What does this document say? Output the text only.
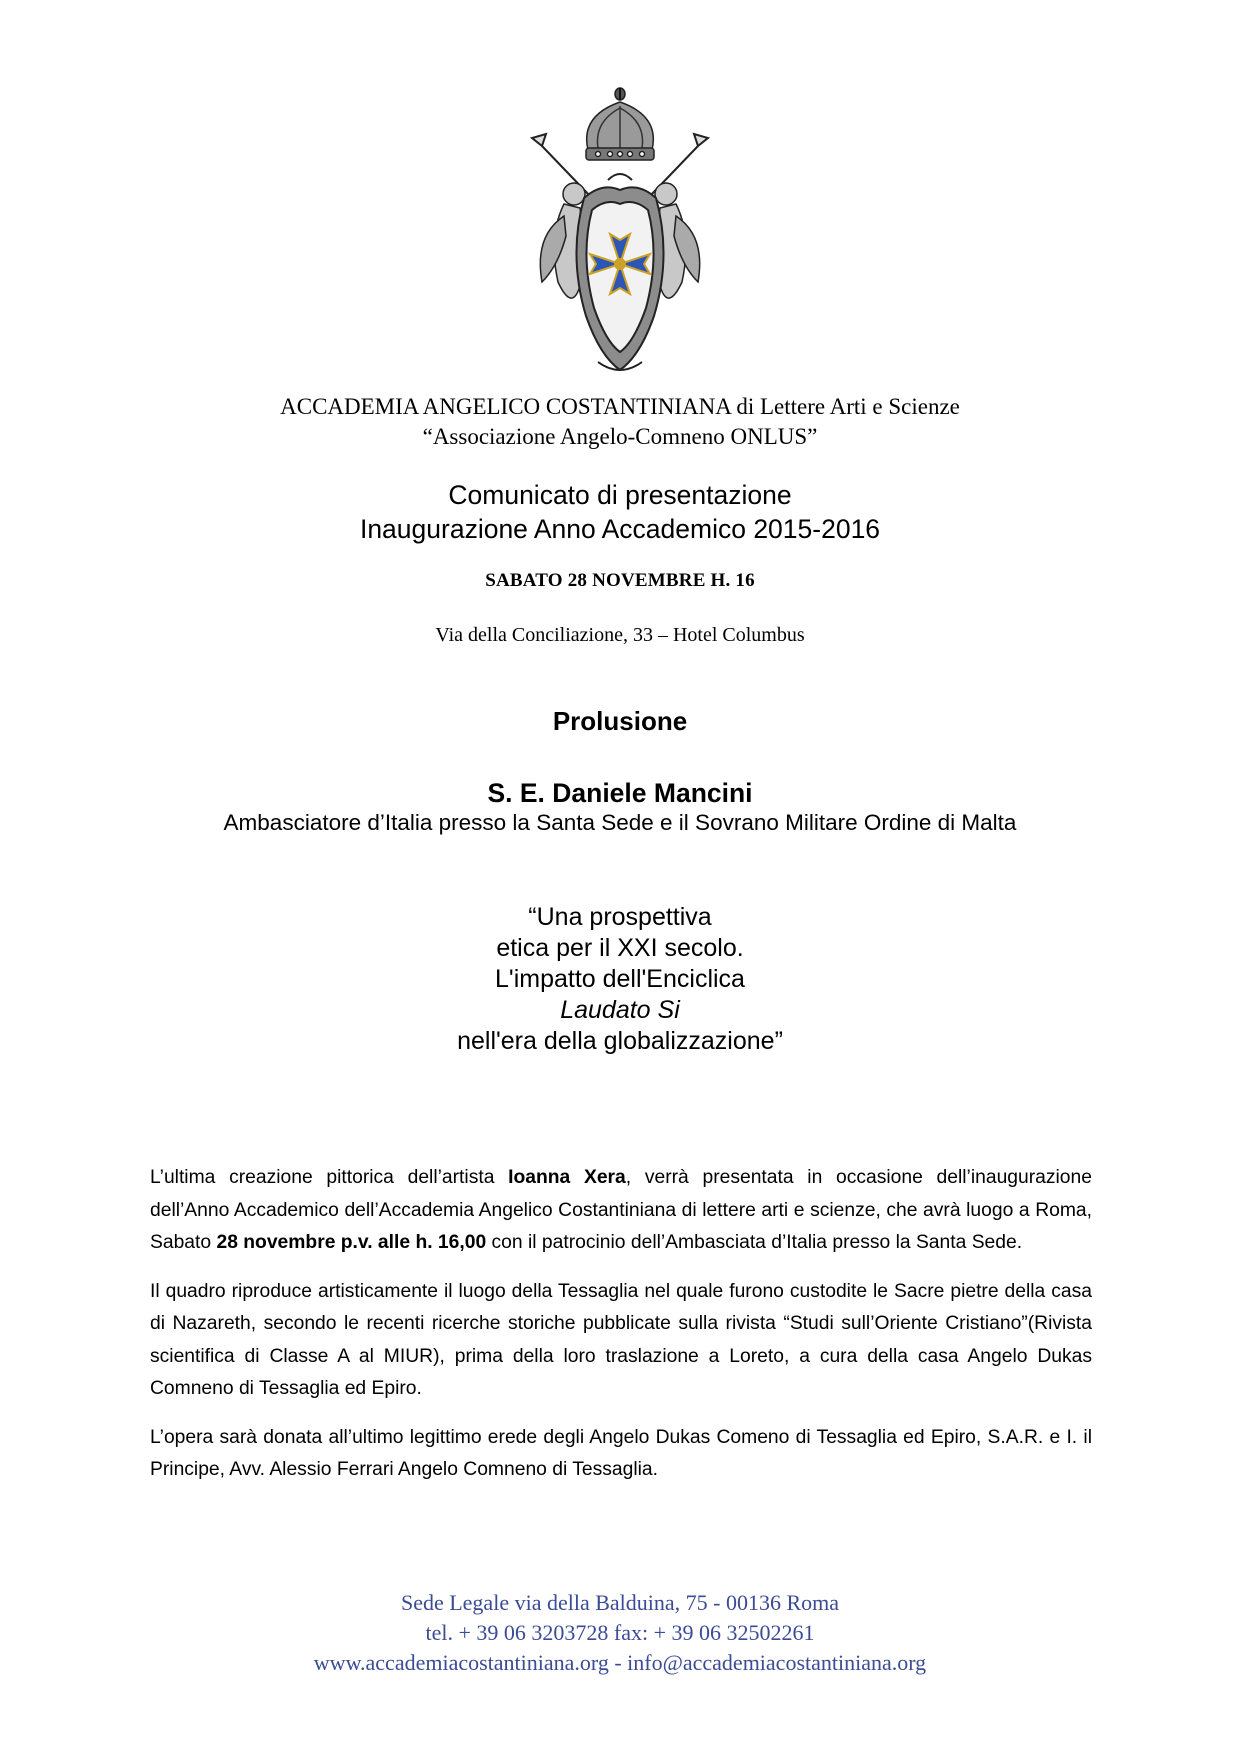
ACCADEMIA ANGELICO COSTANTINIANA di Lettere Arti e Scienze
“Associazione Angelo-Comneno ONLUS”
Comunicato di presentazione
Inaugurazione Anno Accademico 2015-2016
SABATO 28 NOVEMBRE H. 16
Via della Conciliazione, 33 – Hotel Columbus
Prolusione
S. E. Daniele Mancini
Ambasciatore d’Italia presso la Santa Sede e il Sovrano Militare Ordine di Malta
“Una prospettiva
etica per il XXI secolo.
L'impatto dell'Enciclica
Laudato Si
nell'era della globalizzazione”

L’ultima creazione pittorica dell’artista Ioanna Xera, verrà presentata in occasione dell’inaugurazione dell’Anno Accademico dell’Accademia Angelico Costantiniana di lettere arti e scienze, che avrà luogo a Roma, Sabato 28 novembre p.v. alle h. 16,00 con il patrocinio dell’Ambasciata d’Italia presso la Santa Sede.

Il quadro riproduce artisticamente il luogo della Tessaglia nel quale furono custodite le Sacre pietre della casa di Nazareth, secondo le recenti ricerche storiche pubblicate sulla rivista “Studi sull’Oriente Cristiano”(Rivista scientifica di Classe A al MIUR), prima della loro traslazione a Loreto, a cura della casa Angelo Dukas Comneno di Tessaglia ed Epiro.

L’opera sarà donata all’ultimo legittimo erede degli Angelo Dukas Comeno di Tessaglia ed Epiro, S.A.R. e I. il Principe, Avv. Alessio Ferrari Angelo Comneno di Tessaglia.

Sede Legale via della Balduina, 75 - 00136 Roma
tel. + 39 06 3203728 fax: + 39 06 32502261
www.accademiacostantiniana.org - info@accademiacostantiniana.org
